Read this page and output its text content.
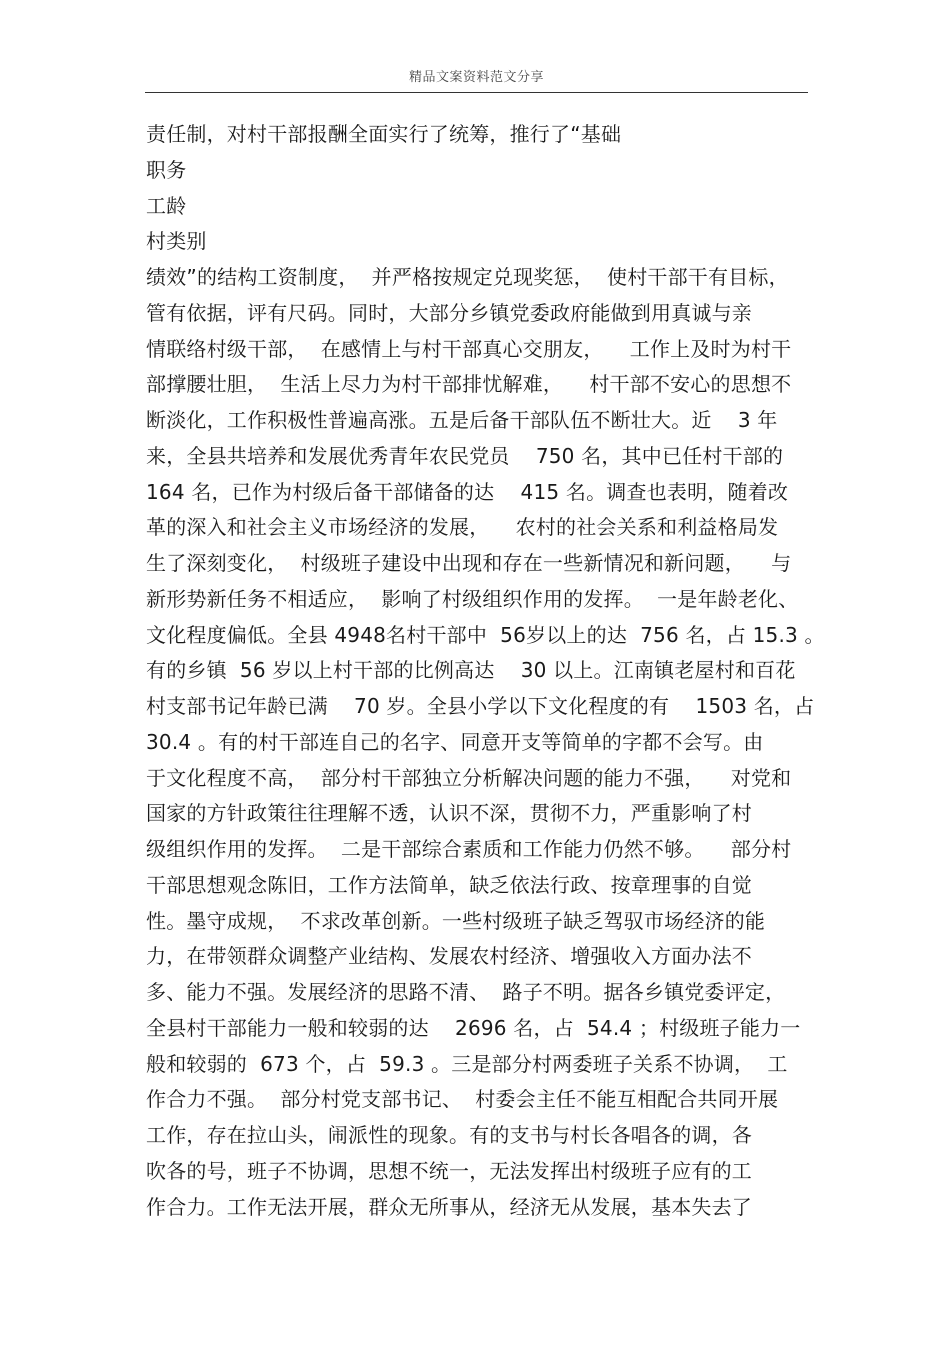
精品文案资料范文分享
责任制，对村干部报酬全面实行了统筹，推行了“基础
职务
工龄
村类别
绩效”的结构工资制度，  并严格按规定兑现奖惩，  使村干部干有目标，
管有依据，评有尺码。同时，大部分乡镇党委政府能做到用真诚与亲
情联络村级干部，  在感情上与村干部真心交朋友，    工作上及时为村干
部撑腰壮胆，  生活上尽力为村干部排忧解难，    村干部不安心的思想不
断淡化，工作积极性普遍高涨。五是后备干部队伍不断壮大。近    3 年
来，全县共培养和发展优秀青年农民党员    750 名，其中已任村干部的
164 名，已作为村级后备干部储备的达    415 名。调查也表明，随着改
革的深入和社会主义市场经济的发展，    农村的社会关系和利益格局发
生了深刻变化，  村级班子建设中出现和存在一些新情况和新问题，    与
新形势新任务不相适应，  影响了村级组织作用的发挥。  一是年龄老化、
文化程度偏低。全县 4948名村干部中  56岁以上的达  756 名，占 15.3 。
有的乡镇  56 岁以上村干部的比例高达    30 以上。江南镇老屋村和百花
村支部书记年龄已满    70 岁。全县小学以下文化程度的有    1503 名，占
30.4 。有的村干部连自己的名字、同意开支等简单的字都不会写。由
于文化程度不高，  部分村干部独立分析解决问题的能力不强，    对党和
国家的方针政策往往理解不透，认识不深，贯彻不力，严重影响了村
级组织作用的发挥。  二是干部综合素质和工作能力仍然不够。    部分村
干部思想观念陈旧，工作方法简单，缺乏依法行政、按章理事的自觉
性。墨守成规，  不求改革创新。一些村级班子缺乏驾驭市场经济的能
力，在带领群众调整产业结构、发展农村经济、增强收入方面办法不
多、能力不强。发展经济的思路不清、  路子不明。据各乡镇党委评定，
全县村干部能力一般和较弱的达    2696 名，占  54.4 ；村级班子能力一
般和较弱的  673 个，占  59.3 。三是部分村两委班子关系不协调，  工
作合力不强。  部分村党支部书记、  村委会主任不能互相配合共同开展
工作，存在拉山头，闹派性的现象。有的支书与村长各唱各的调，各
吹各的号，班子不协调，思想不统一，无法发挥出村级班子应有的工
作合力。工作无法开展，群众无所事从，经济无从发展，基本失去了
